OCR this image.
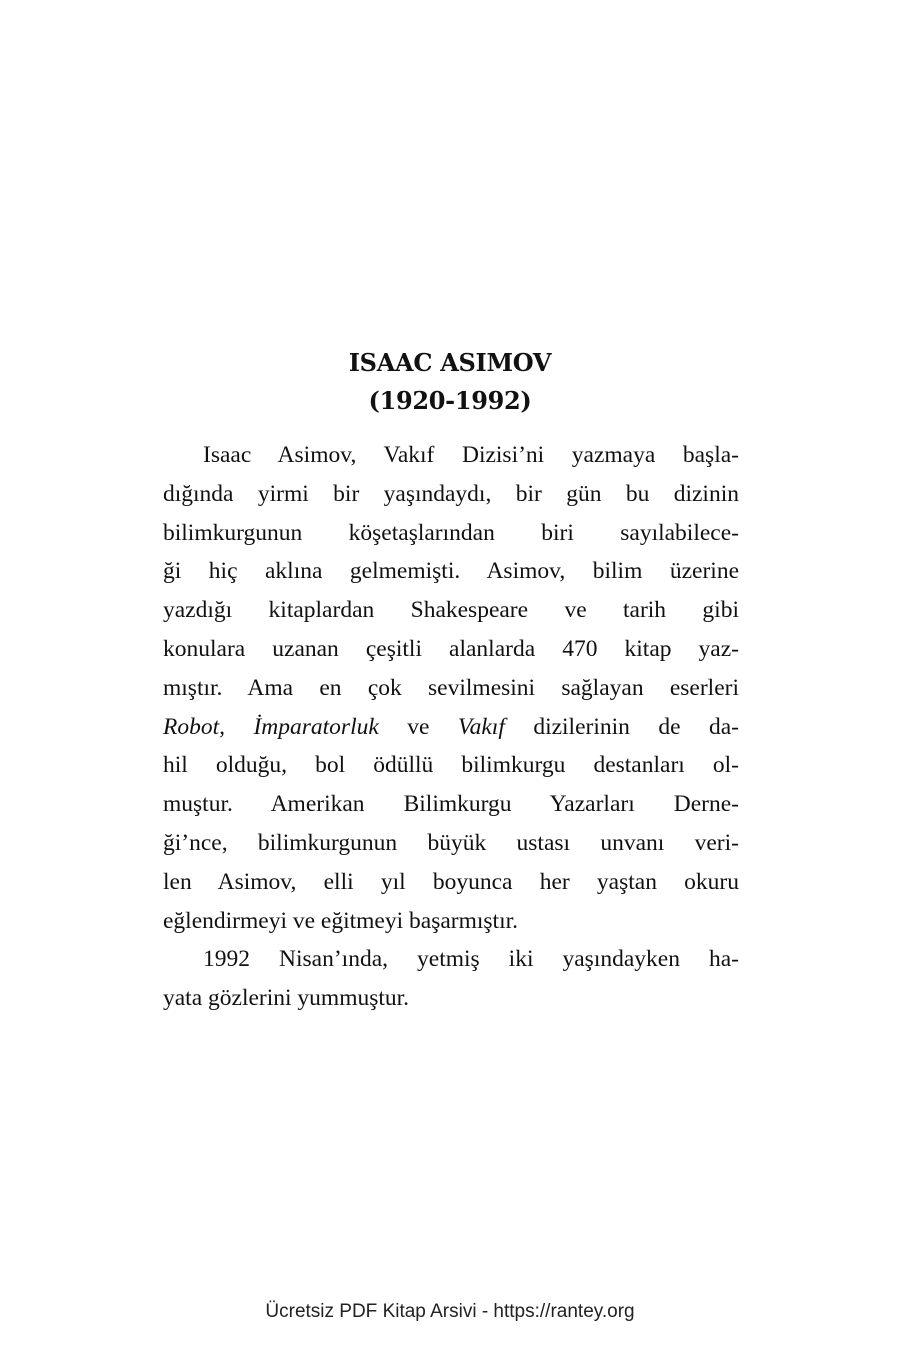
ISAAC ASIMOV
(1920-1992)
Isaac Asimov, Vakıf Dizisi’ni yazmaya başla-
dığında yirmi bir yaşındaydı, bir gün bu dizinin
bilimkurgunun köşetaşlarından biri sayılabilece-
ği hiç aklına gelmemişti. Asimov, bilim üzerine
yazdığı kitaplardan Shakespeare ve tarih gibi
konulara uzanan çeşitli alanlarda 470 kitap yaz-
mıştır. Ama en çok sevilmesini sağlayan eserleri
Robot, İmparatorluk ve Vakıf dizilerinin de da-
hil olduğu, bol ödüllü bilimkurgu destanları ol-
muştur. Amerikan Bilimkurgu Yazarları Derne-
ği’nce, bilimkurgunun büyük ustası unvanı veri-
len Asimov, elli yıl boyunca her yaştan okuru
eğlendirmeyi ve eğitmeyi başarmıştır.
1992 Nisan’ında, yetmiş iki yaşındayken ha-
yata gözlerini yummuştur.
Ücretsiz PDF Kitap Arsivi - https://rantey.org
